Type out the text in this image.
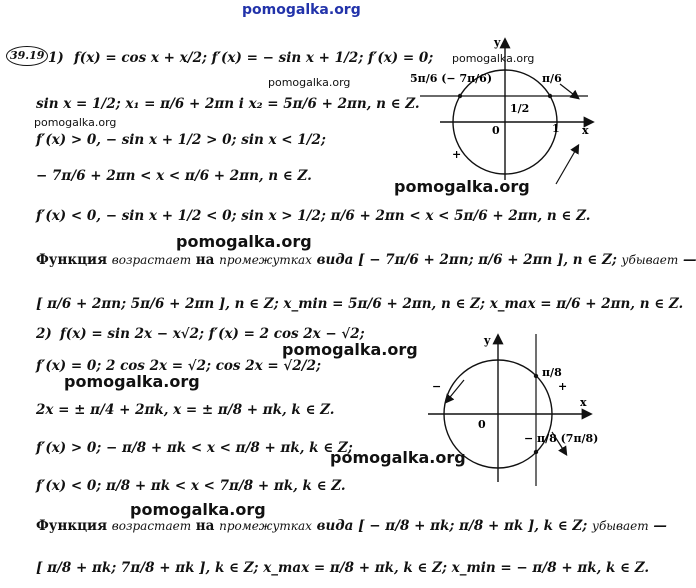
pomogalka.org
pomogalka.org
pomogalka.org
pomogalka.org
pomogalka.org
pomogalka.org
pomogalka.org
pomogalka.org
pomogalka.org
pomogalka.org
39.19 1) f(x) = cos x + x/2; f′(x) = − sin x + 1/2; f′(x) = 0;
sin x = 1/2; x₁ = π/6 + 2πn i x₂ = 5π/6 + 2πn, n ∈ Z.
f′(x) > 0, − sin x + 1/2 > 0; sin x < 1/2;
− 7π/6 + 2πn < x < π/6 + 2πn, n ∈ Z.
f′(x) < 0, − sin x + 1/2 < 0; sin x > 1/2; π/6 + 2πn < x < 5π/6 + 2πn, n ∈ Z.
Функция возрастает на промежутках вида [ − 7π/6 + 2πn; π/6 + 2πn ], n ∈ Z; убывает —
[ π/6 + 2πn; 5π/6 + 2πn ], n ∈ Z; x_min = 5π/6 + 2πn, n ∈ Z; x_max = π/6 + 2πn, n ∈ Z.
2) f(x) = sin 2x − x√2; f′(x) = 2 cos 2x − √2;
f′(x) = 0; 2 cos 2x = √2; cos 2x = √2/2;
2x = ± π/4 + 2πk, x = ± π/8 + πk, k ∈ Z.
f′(x) > 0; − π/8 + πk < x < π/8 + πk, k ∈ Z;
f′(x) < 0; π/8 + πk < x < 7π/8 + πk, k ∈ Z.
Функция возрастает на промежутках вида [ − π/8 + πk; π/8 + πk ], k ∈ Z; убывает —
[ π/8 + πk; 7π/8 + πk ], k ∈ Z; x_max = π/8 + πk, k ∈ Z; x_min = − π/8 + πk, k ∈ Z.
y
x
0	1
1/2
π/6
5π/6 (− 7π/6)
+
y
x
0
π/8
− π/8 (7π/8)
−	+
